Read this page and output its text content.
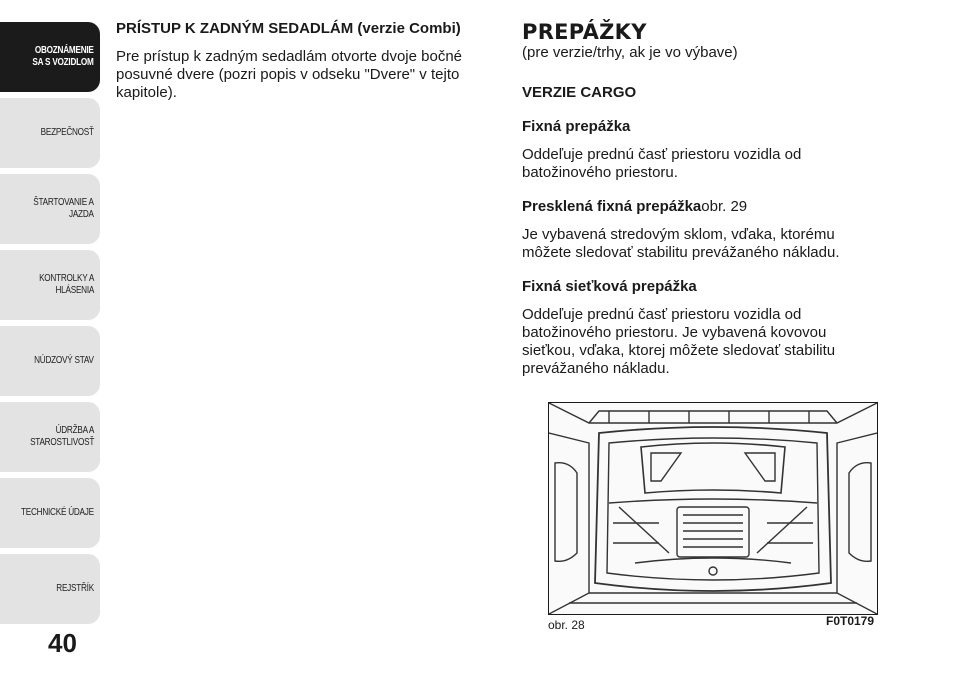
OBOZNÁMENIE
SA S VOZIDLOM
BEZPEČNOSŤ
ŠTARTOVANIE A
JAZDA
KONTROLKY A
HLÁSENIA
NÚDZOVÝ STAV
ÚDRŽBA A
STAROSTLIVOSŤ
TECHNICKÉ ÚDAJE
REJSTŘÍK
40

PRÍSTUP K ZADNÝM SEDADLÁM (verzie Combi)

Pre prístup k zadným sedadlám otvorte dvoje bočné posuvné dvere (pozri popis v odseku "Dvere" v tejto kapitole).

PREPÁŽKY

(pre verzie/trhy, ak je vo výbave)

VERZIE CARGO

Fixná prepážka

Oddeľuje prednú časť priestoru vozidla od batožinového priestoru.

Presklená fixná prepážkaobr. 29

Je vybavená stredovým sklom, vďaka, ktorému môžete sledovať stabilitu prevážaného nákladu.

Fixná sieťková prepážka

Oddeľuje prednú časť priestoru vozidla od batožinového priestoru. Je vybavená kovovou sieťkou, vďaka, ktorej môžete sledovať stabilitu prevážaného nákladu.

obr. 28	F0T0179
